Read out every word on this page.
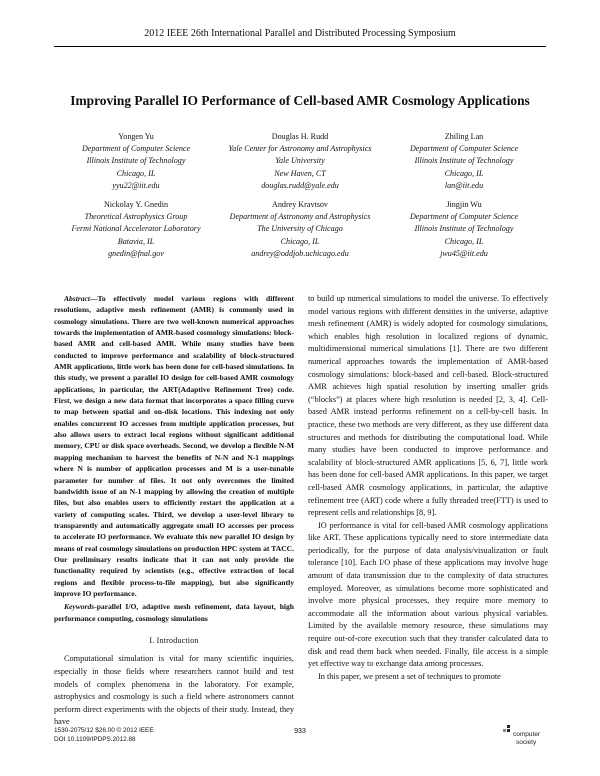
2012 IEEE 26th International Parallel and Distributed Processing Symposium
Improving Parallel IO Performance of Cell-based AMR Cosmology Applications
Yongen Yu
Department of Computer Science
Illinois Institute of Technology
Chicago, IL
yyu22@iit.edu
Douglas H. Rudd
Yale Center for Astronomy and Astrophysics
Yale University
New Haven, CT
douglas.rudd@yale.edu
Zhiling Lan
Department of Computer Science
Illinois Institute of Technology
Chicago, IL
lan@iit.edu
Nickolay Y. Gnedin
Theoretical Astrophysics Group
Fermi National Accelerator Laboratory
Batavia, IL
gnedin@fnal.gov
Andrey Kravtsov
Department of Astronomy and Astrophysics
The University of Chicago
Chicago, IL
andrey@oddjob.uchicago.edu
Jingjin Wu
Department of Computer Science
Illinois Institute of Technology
Chicago, IL
jwu45@iit.edu

Abstract—To effectively model various regions with different resolutions, adaptive mesh refinement (AMR) is commonly used in cosmology simulations. There are two well-known numerical approaches towards the implementation of AMR-based cosmology simulations: block-based AMR and cell-based AMR. While many studies have been conducted to improve performance and scalability of block-structured AMR applications, little work has been done for cell-based simulations. In this study, we present a parallel IO design for cell-based AMR cosmology applications, in particular, the ART(Adaptive Refinement Tree) code. First, we design a new data format that incorporates a space filling curve to map between spatial and on-disk locations. This indexing not only enables concurrent IO accesses from multiple application processes, but also allows users to extract local regions without significant additional memory, CPU or disk space overheads. Second, we develop a flexible N-M mapping mechanism to harvest the benefits of N-N and N-1 mappings where N is number of application processes and M is a user-tunable parameter for number of files. It not only overcomes the limited bandwidth issue of an N-1 mapping by allowing the creation of multiple files, but also enables users to efficiently restart the application at a variety of computing scales. Third, we develop a user-level library to transparently and automatically aggregate small IO accesses per process to accelerate IO performance. We evaluate this new parallel IO design by means of real cosmology simulations on production HPC system at TACC. Our preliminary results indicate that it can not only provide the functionality required by scientists (e.g., effective extraction of local regions and flexible process-to-file mapping), but also significantly improve IO performance.

Keywords-parallel I/O, adaptive mesh refinement, data layout, high performance computing, cosmology simulations

I. Introduction

Computational simulation is vital for many scientific inquiries, especially in those fields where researchers cannot build and test models of complex phenomena in the laboratory. For example, astrophysics and cosmology is such a field where astronomers cannot perform direct experiments with the objects of their study. Instead, they have

to build up numerical simulations to model the universe. To effectively model various regions with different densities in the universe, adaptive mesh refinement (AMR) is widely adopted for cosmology simulations, which enables high resolution in localized regions of dynamic, multidimensional numerical simulations [1]. There are two different numerical approaches towards the implementation of AMR-based cosmology simulations: block-based and cell-based. Block-structured AMR achieves high spatial resolution by inserting smaller grids (“blocks”) at places where high resolution is needed [2, 3, 4]. Cell-based AMR instead performs refinement on a cell-by-cell basis. In practice, these two methods are very different, as they use different data structures and methods for distributing the computational load. While many studies have been conducted to improve performance and scalability of block-structured AMR applications [5, 6, 7], little work has been done for cell-based AMR applications. In this paper, we target cell-based AMR cosmology applications, in particular, the adaptive refinement tree (ART) code where a fully threaded tree(FTT) is used to represent cells and relationships [8, 9].

IO performance is vital for cell-based AMR cosmology applications like ART. These applications typically need to store intermediate data periodically, for the purpose of data analysis/visualization or fault tolerance [10]. Each I/O phase of these applications may involve huge amount of data transmission due to the complexity of data structures employed. Moreover, as simulations become more sophisticated and involve more physical processes, they require more memory to accommodate all the information about various physical variables. Limited by the available memory resource, these simulations may require out-of-core execution such that they transfer calculated data to disk and read them back when needed. Finally, file access is a simple yet effective way to exchange data among processes.

In this paper, we present a set of techniques to promote

1530-2075/12 $26.00 © 2012 IEEE
DOI 10.1109/IPDPS.2012.88
933	computer
society
